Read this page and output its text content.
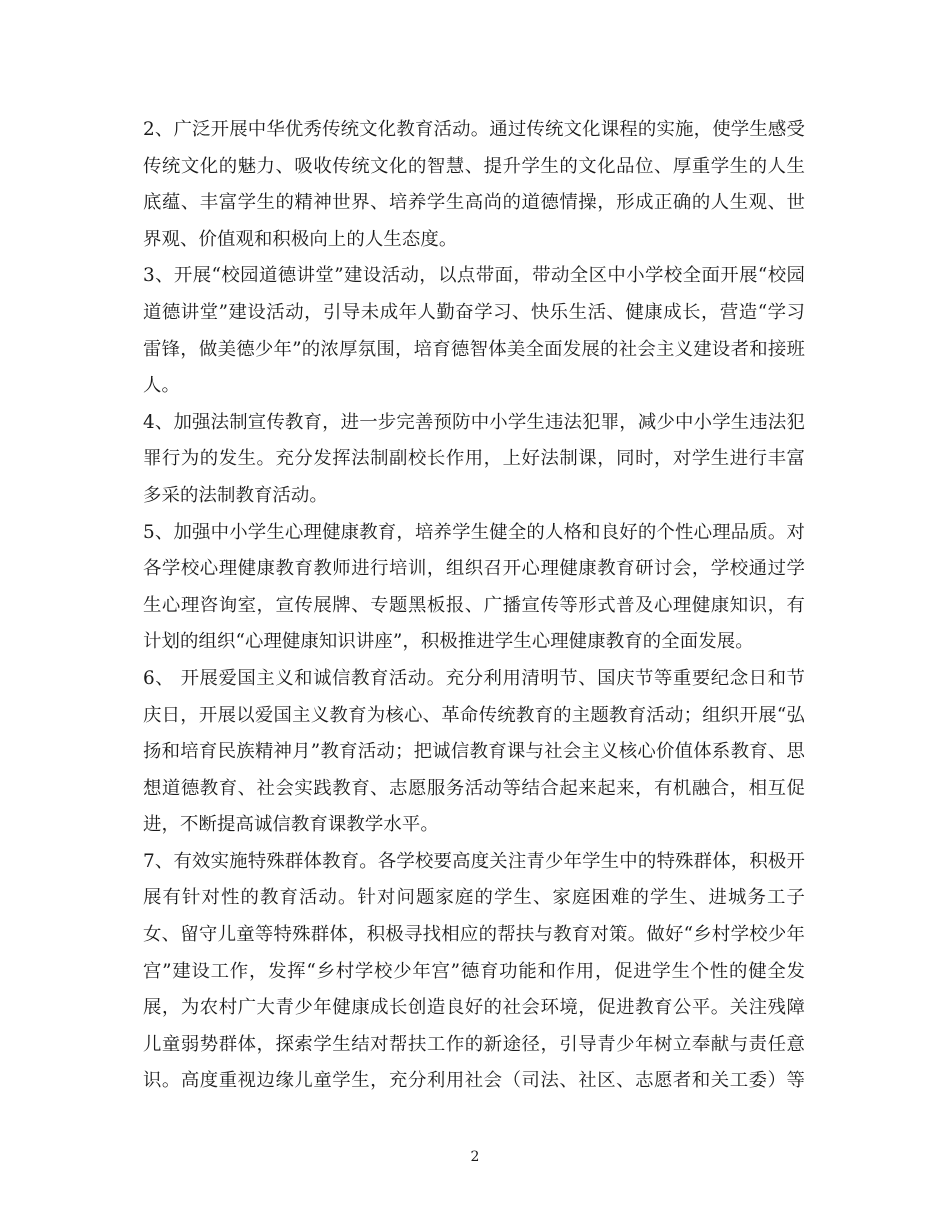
2、广泛开展中华优秀传统文化教育活动。通过传统文化课程的实施，使学生感受
传统文化的魅力、吸收传统文化的智慧、提升学生的文化品位、厚重学生的人生
底蕴、丰富学生的精神世界、培养学生高尚的道德情操，形成正确的人生观、世
界观、价值观和积极向上的人生态度。

3、开展“校园道德讲堂”建设活动，以点带面，带动全区中小学校全面开展“校园
道德讲堂”建设活动，引导未成年人勤奋学习、快乐生活、健康成长，营造“学习
雷锋，做美德少年”的浓厚氛围，培育德智体美全面发展的社会主义建设者和接班
人。

4、加强法制宣传教育，进一步完善预防中小学生违法犯罪，减少中小学生违法犯
罪行为的发生。充分发挥法制副校长作用，上好法制课，同时，对学生进行丰富
多采的法制教育活动。

5、加强中小学生心理健康教育，培养学生健全的人格和良好的个性心理品质。对
各学校心理健康教育教师进行培训，组织召开心理健康教育研讨会，学校通过学
生心理咨询室，宣传展牌、专题黑板报、广播宣传等形式普及心理健康知识，有
计划的组织“心理健康知识讲座”，积极推进学生心理健康教育的全面发展。

6、 开展爱国主义和诚信教育活动。充分利用清明节、国庆节等重要纪念日和节
庆日，开展以爱国主义教育为核心、革命传统教育的主题教育活动；组织开展“弘
扬和培育民族精神月”教育活动；把诚信教育课与社会主义核心价值体系教育、思
想道德教育、社会实践教育、志愿服务活动等结合起来起来，有机融合，相互促
进，不断提高诚信教育课教学水平。

7、有效实施特殊群体教育。各学校要高度关注青少年学生中的特殊群体，积极开
展有针对性的教育活动。针对问题家庭的学生、家庭困难的学生、进城务工子
女、留守儿童等特殊群体，积极寻找相应的帮扶与教育对策。做好“乡村学校少年
宫”建设工作，发挥“乡村学校少年宫”德育功能和作用，促进学生个性的健全发
展，为农村广大青少年健康成长创造良好的社会环境，促进教育公平。关注残障
儿童弱势群体，探索学生结对帮扶工作的新途径，引导青少年树立奉献与责任意
识。高度重视边缘儿童学生，充分利用社会（司法、社区、志愿者和关工委）等

2
